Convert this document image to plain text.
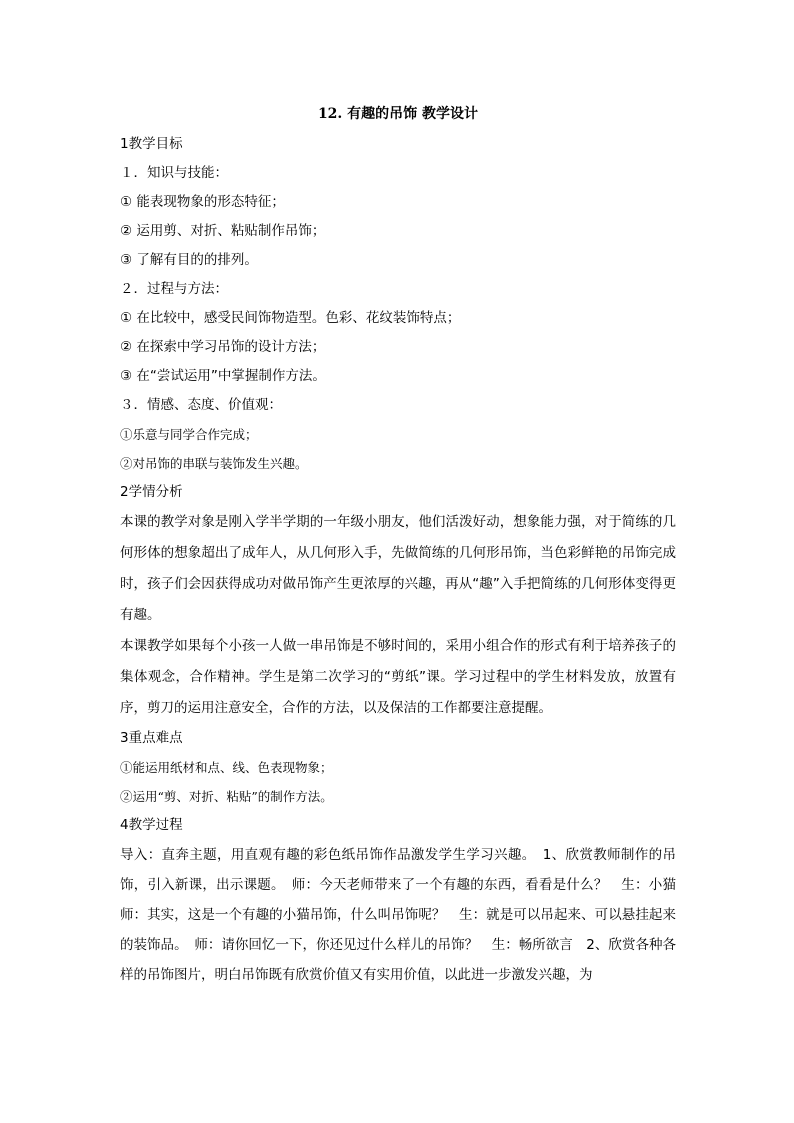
12. 有趣的吊饰 教学设计
1教学目标
１．知识与技能：
① 能表现物象的形态特征；
② 运用剪、对折、粘贴制作吊饰；
③ 了解有目的的排列。
２．过程与方法：
① 在比较中，感受民间饰物造型。色彩、花纹装饰特点；
② 在探索中学习吊饰的设计方法；
③ 在“尝试运用”中掌握制作方法。
３．情感、态度、价值观：
①乐意与同学合作完成；
②对吊饰的串联与装饰发生兴趣。
2学情分析
本课的教学对象是刚入学半学期的一年级小朋友，他们活泼好动，想象能力强，对于简练的几何形体的想象超出了成年人，从几何形入手，先做简练的几何形吊饰，当色彩鲜艳的吊饰完成时，孩子们会因获得成功对做吊饰产生更浓厚的兴趣，再从“趣”入手把简练的几何形体变得更有趣。
本课教学如果每个小孩一人做一串吊饰是不够时间的，采用小组合作的形式有利于培养孩子的集体观念，合作精神。学生是第二次学习的“剪纸”课。学习过程中的学生材料发放，放置有序，剪刀的运用注意安全，合作的方法，以及保洁的工作都要注意提醒。
3重点难点
①能运用纸材和点、线、色表现物象；
②运用“剪、对折、粘贴”的制作方法。
4教学过程
导入：直奔主题，用直观有趣的彩色纸吊饰作品激发学生学习兴趣。　1、欣赏教师制作的吊饰，引入新课，出示课题。　师：今天老师带来了一个有趣的东西，看看是什么？　生：小猫　师：其实，这是一个有趣的小猫吊饰，什么叫吊饰呢？　生：就是可以吊起来、可以悬挂起来的装饰品。　师：请你回忆一下，你还见过什么样儿的吊饰？　生：畅所欲言　2、欣赏各种各样的吊饰图片，明白吊饰既有欣赏价值又有实用价值，以此进一步激发兴趣，为
